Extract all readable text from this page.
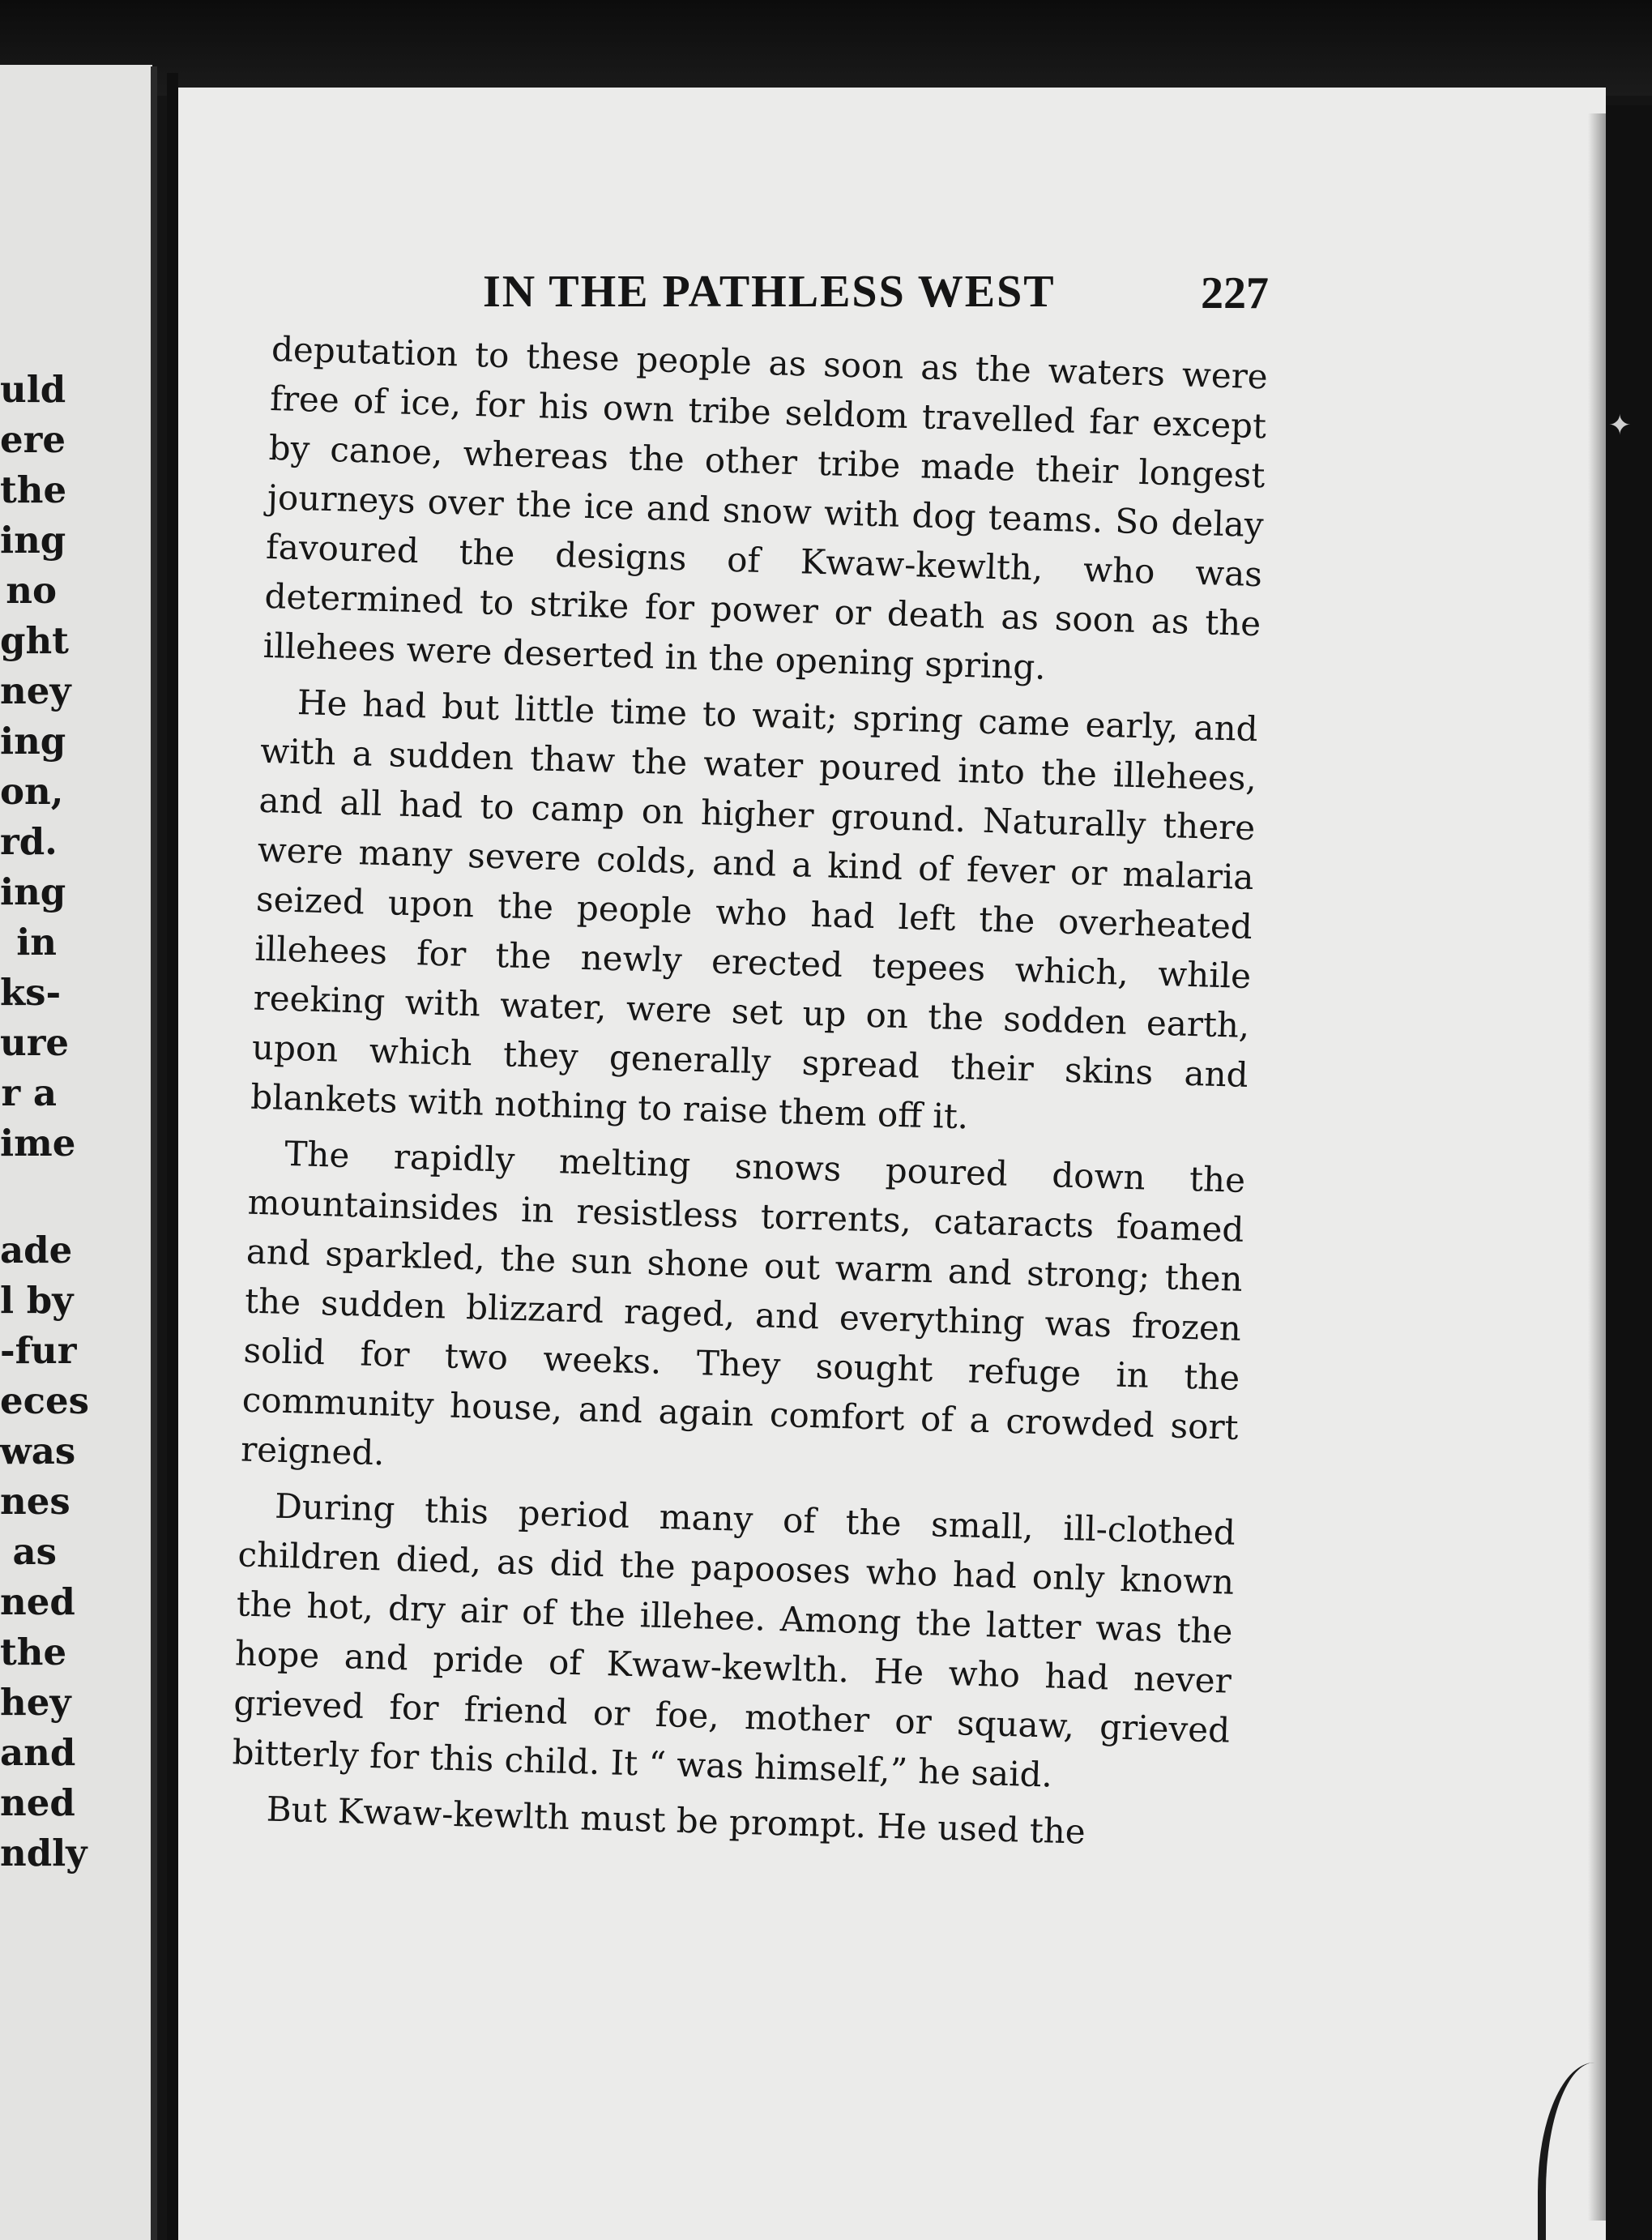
uld
ere
the
ing
no
ght
ney
ing
on,
rd.
ing
in
ks-
ure
r a
ime
ade
l by
-fur
eces
was
nes
as
ned
the
hey
and
ned
ndly
✦
IN THE PATHLESS WEST	227

deputation to these people as soon as the waters were free of ice, for his own tribe seldom travelled far except by canoe, whereas the other tribe made their longest journeys over the ice and snow with dog teams. So delay favoured the designs of Kwaw-kewlth, who was determined to strike for power or death as soon as the illehees were deserted in the opening spring.

He had but little time to wait; spring came early, and with a sudden thaw the water poured into the illehees, and all had to camp on higher ground. Naturally there were many severe colds, and a kind of fever or malaria seized upon the people who had left the overheated illehees for the newly erected tepees which, while reeking with water, were set up on the sodden earth, upon which they generally spread their skins and blankets with nothing to raise them off it.

The rapidly melting snows poured down the mountainsides in resistless torrents, cataracts foamed and sparkled, the sun shone out warm and strong; then the sudden blizzard raged, and everything was frozen solid for two weeks. They sought refuge in the community house, and again comfort of a crowded sort reigned.

During this period many of the small, ill-clothed children died, as did the papooses who had only known the hot, dry air of the illehee. Among the latter was the hope and pride of Kwaw-kewlth. He who had never grieved for friend or foe, mother or squaw, grieved bitterly for this child. It “ was himself,” he said.

But Kwaw-kewlth must be prompt. He used the
